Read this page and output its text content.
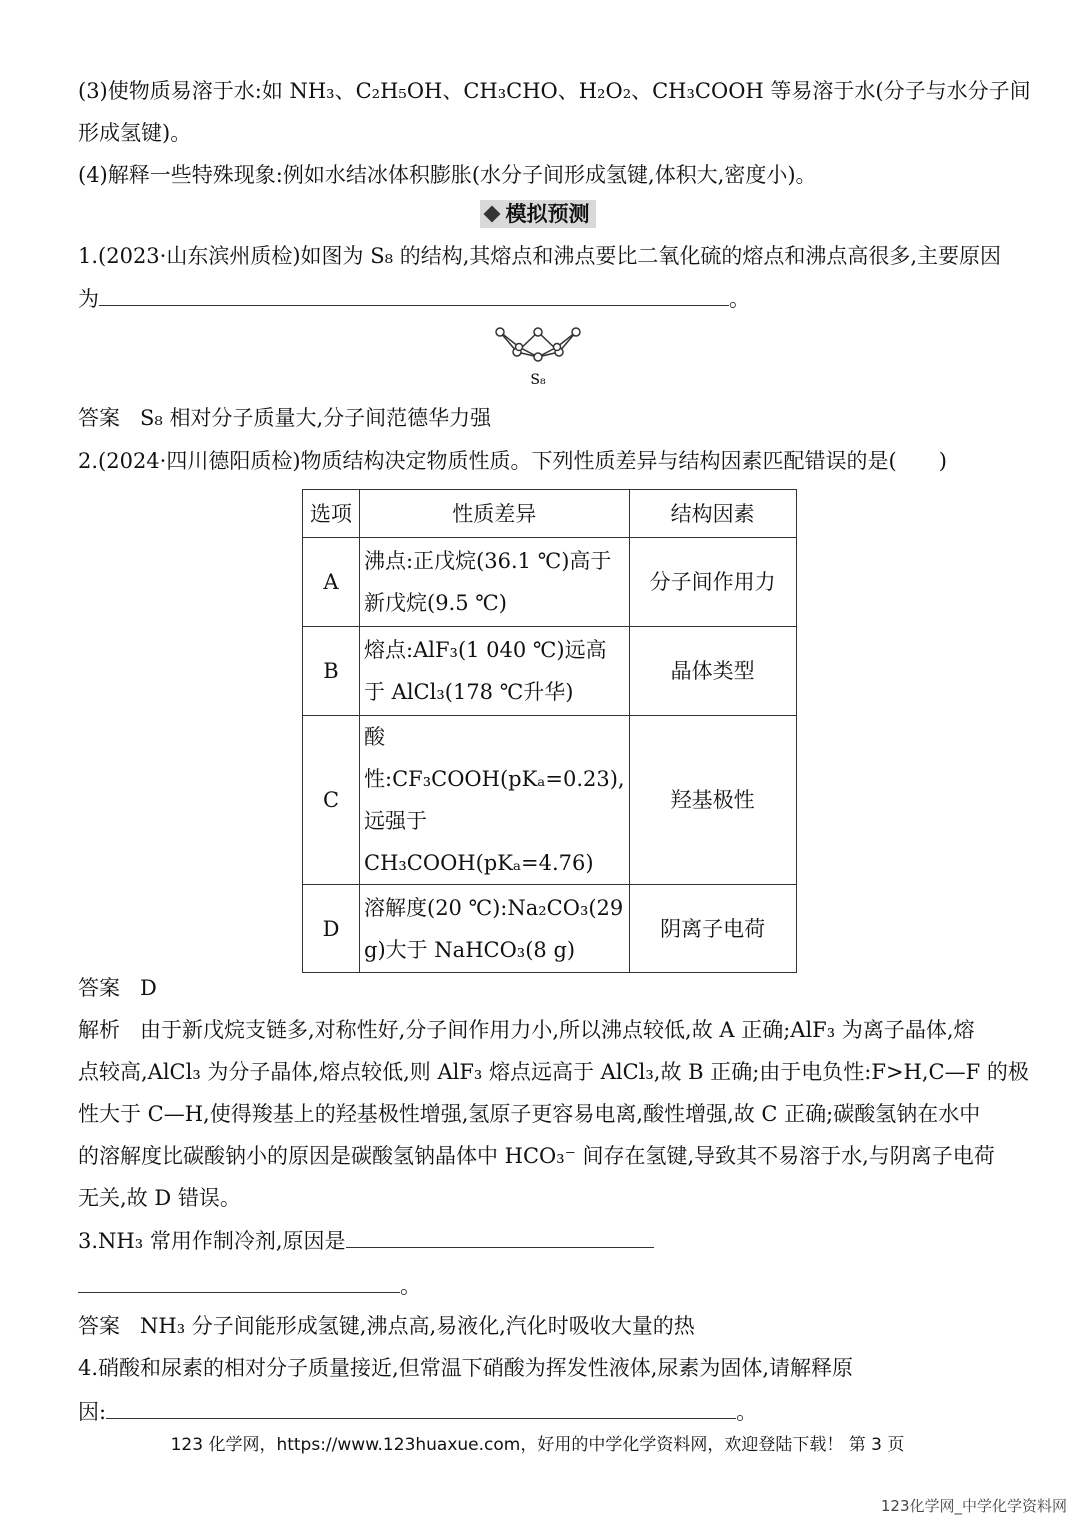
(3)使物质易溶于水:如 NH₃、C₂H₅OH、CH₃CHO、H₂O₂、CH₃COOH 等易溶于水(分子与水分子间
形成氢键)。
(4)解释一些特殊现象:例如水结冰体积膨胀(水分子间形成氢键,体积大,密度小)。
模拟预测
1.(2023·山东滨州质检)如图为 S₈ 的结构,其熔点和沸点要比二氧化硫的熔点和沸点高很多,主要原因
为	。
S₈
答案 S₈ 相对分子质量大,分子间范德华力强
2.(2024·四川德阳质检)物质结构决定物质性质。下列性质差异与结构因素匹配错误的是(　　)
选项	性质差异	结构因素
A	沸点:正戊烷(36.1 ℃)高于新戊烷(9.5 ℃)	分子间作用力
B	熔点:AlF₃(1 040 ℃)远高于 AlCl₃(178 ℃升华)	晶体类型
C	酸性:CF₃COOH(pKₐ=0.23),远强于CH₃COOH(pKₐ=4.76)	羟基极性
D	溶解度(20 ℃):Na₂CO₃(29 g)大于 NaHCO₃(8 g)	阴离子电荷
答案 D
解析 由于新戊烷支链多,对称性好,分子间作用力小,所以沸点较低,故 A 正确;AlF₃ 为离子晶体,熔
点较高,AlCl₃ 为分子晶体,熔点较低,则 AlF₃ 熔点远高于 AlCl₃,故 B 正确;由于电负性:F>H,C—F 的极
性大于 C—H,使得羧基上的羟基极性增强,氢原子更容易电离,酸性增强,故 C 正确;碳酸氢钠在水中
的溶解度比碳酸钠小的原因是碳酸氢钠晶体中 HCO₃⁻ 间存在氢键,导致其不易溶于水,与阴离子电荷
无关,故 D 错误。
3.NH₃ 常用作制冷剂,原因是
。
答案 NH₃ 分子间能形成氢键,沸点高,易液化,汽化时吸收大量的热
4.硝酸和尿素的相对分子质量接近,但常温下硝酸为挥发性液体,尿素为固体,请解释原
因:	。
123 化学网，https://www.123huaxue.com，好用的中学化学资料网，欢迎登陆下载！ 第 3 页
123化学网_中学化学资料网
